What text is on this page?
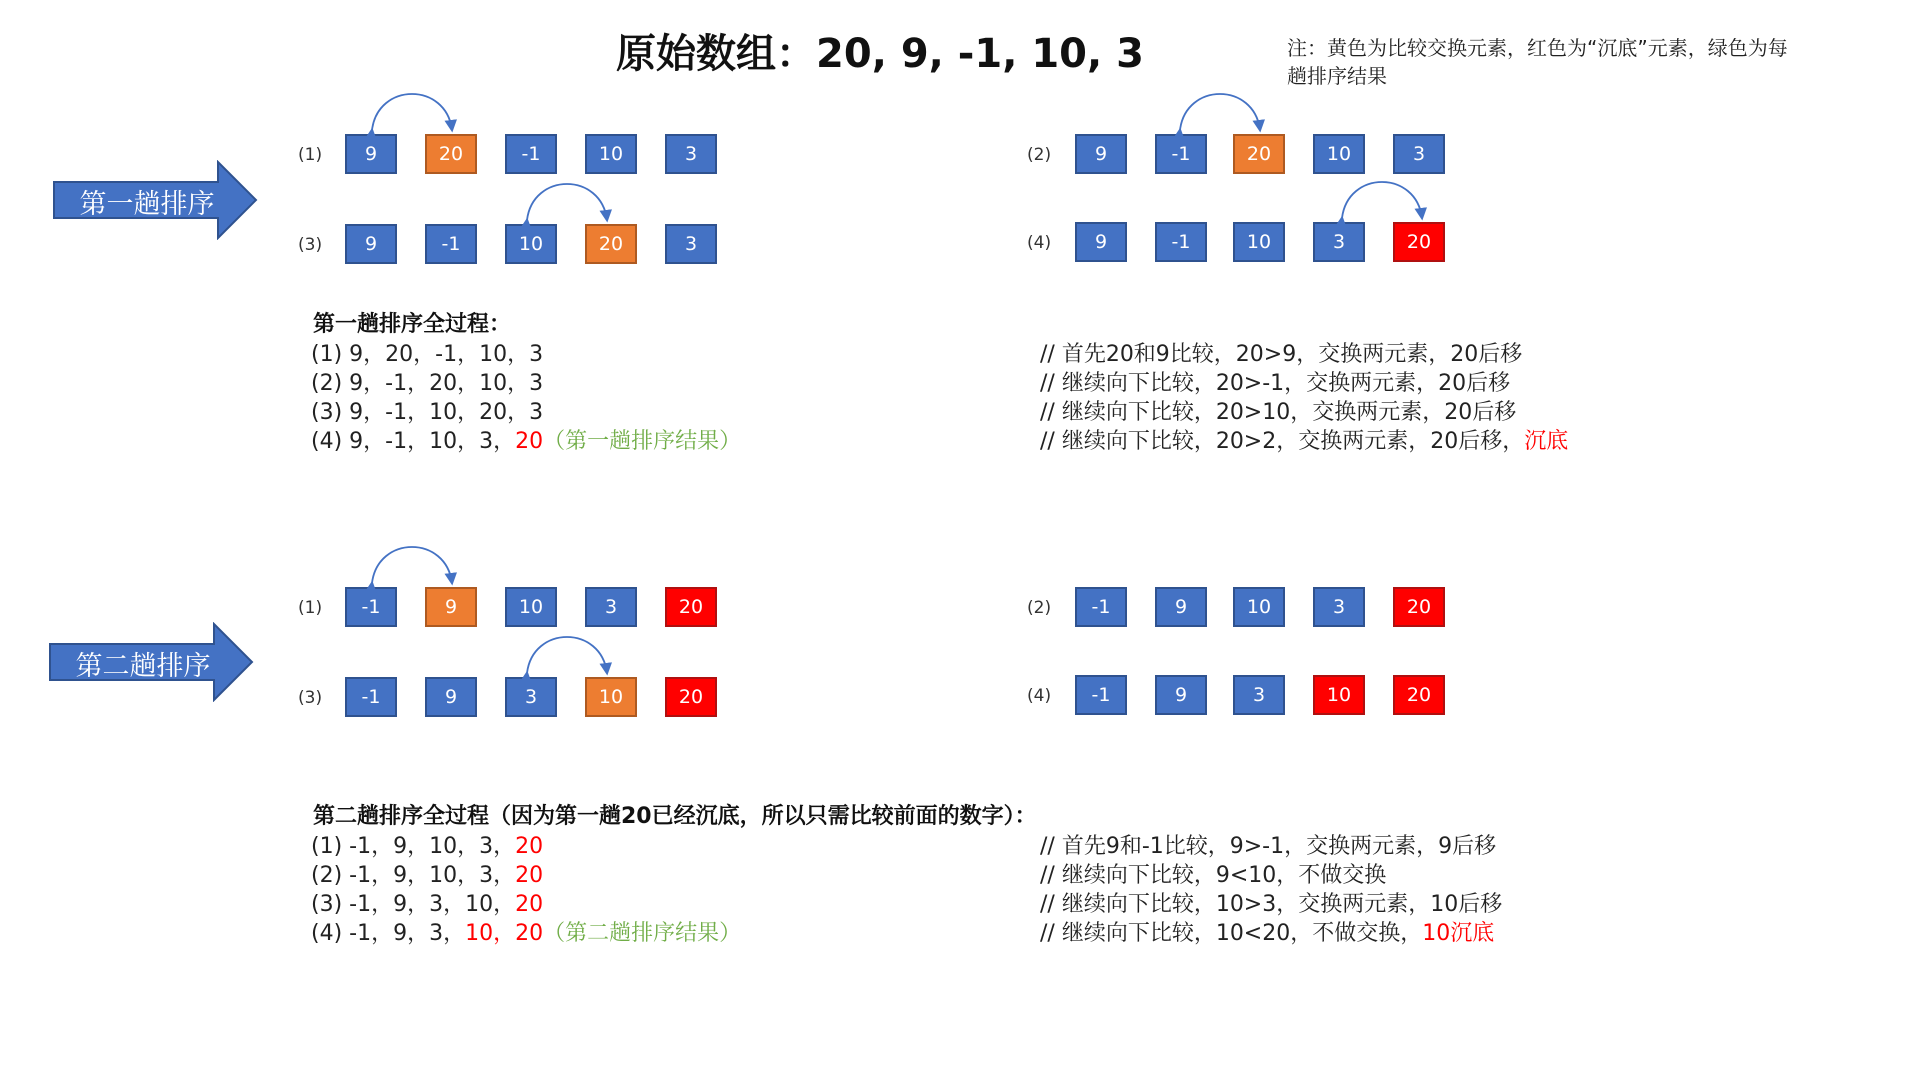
原始数组：20, 9, -1, 10, 3	注：黄色为比较交换元素，红色为“沉底”元素，绿色为每趟排序结果
第一趟排序
第二趟排序
(1)	(2)
(3)	(4)
(1)	(2)
(3)	(4)
9	20	-1	10	3	9	-1	20	10	3
9	-1	10	20	3	9	-1	10	3	20
-1	9	10	3	20	-1	9	10	3	20
-1	9	3	10	20	-1	9	3	10	20
第一趟排序全过程：
(1) 9，20，-1，10，3
(2) 9，-1，20，10，3
(3) 9，-1，10，20，3
(4) 9，-1，10，3，20（第一趟排序结果）
// 首先20和9比较，20>9，交换两元素，20后移
// 继续向下比较，20>-1，交换两元素，20后移
// 继续向下比较，20>10，交换两元素，20后移
// 继续向下比较，20>2，交换两元素，20后移，沉底
第二趟排序全过程（因为第一趟20已经沉底，所以只需比较前面的数字）：
(1) -1，9，10，3，20
(2) -1，9，10，3，20
(3) -1，9，3，10，20
(4) -1，9，3，10，20（第二趟排序结果）
// 首先9和-1比较，9>-1，交换两元素，9后移
// 继续向下比较，9<10，不做交换
// 继续向下比较，10>3，交换两元素，10后移
// 继续向下比较，10<20，不做交换，10沉底
